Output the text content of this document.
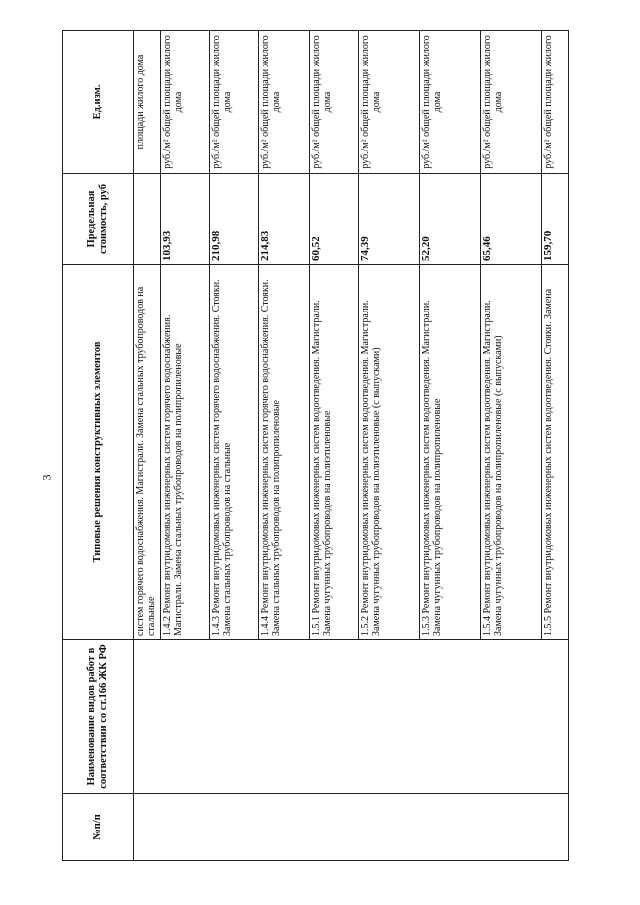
3
№п/п	Наименование видов работ в соответствии со ст.166 ЖК РФ	Типовые решения конструктивных элементов	Предельная стоимость, руб	Ед.изм.
		систем горячего водоснабжения. Магистрали. Замена стальных трубопроводов на стальные		площади жилого дома
		1.4.2 Ремонт внутридомовых инженерных систем горячего водоснабжения. Магистрали. Замена стальных трубопроводов на полипропиленовые	103,93	руб./м² общей площади жилого дома
		1.4.3 Ремонт внутридомовых инженерных систем горячего водоснабжения. Стояки. Замена стальных трубопроводов на стальные	210,98	руб./м² общей площади жилого дома
		1.4.4 Ремонт внутридомовых инженерных систем горячего водоснабжения. Стояки. Замена стальных трубопроводов на полипропиленовые	214,83	руб./м² общей площади жилого дома
		1.5.1 Ремонт внутридомовых инженерных систем водоотведения. Магистрали. Замена чугунных трубопроводов на полиэтиленовые	60,52	руб./м² общей площади жилого дома
		1.5.2 Ремонт внутридомовых инженерных систем водоотведения. Магистрали. Замена чугунных трубопроводов на полиэтиленовые (с выпусками)	74,39	руб./м² общей площади жилого дома
		1.5.3 Ремонт внутридомовых инженерных систем водоотведения. Магистрали. Замена чугунных трубопроводов на полипропиленовые	52,20	руб./м² общей площади жилого дома
		1.5.4 Ремонт внутридомовых инженерных систем водоотведения. Магистрали. Замена чугунных трубопроводов на полипропиленовые (с выпусками)	65,46	руб./м² общей площади жилого дома
		1.5.5 Ремонт внутридомовых инженерных систем водоотведения. Стояки. Замена	159,70	руб./м² общей площади жилого
